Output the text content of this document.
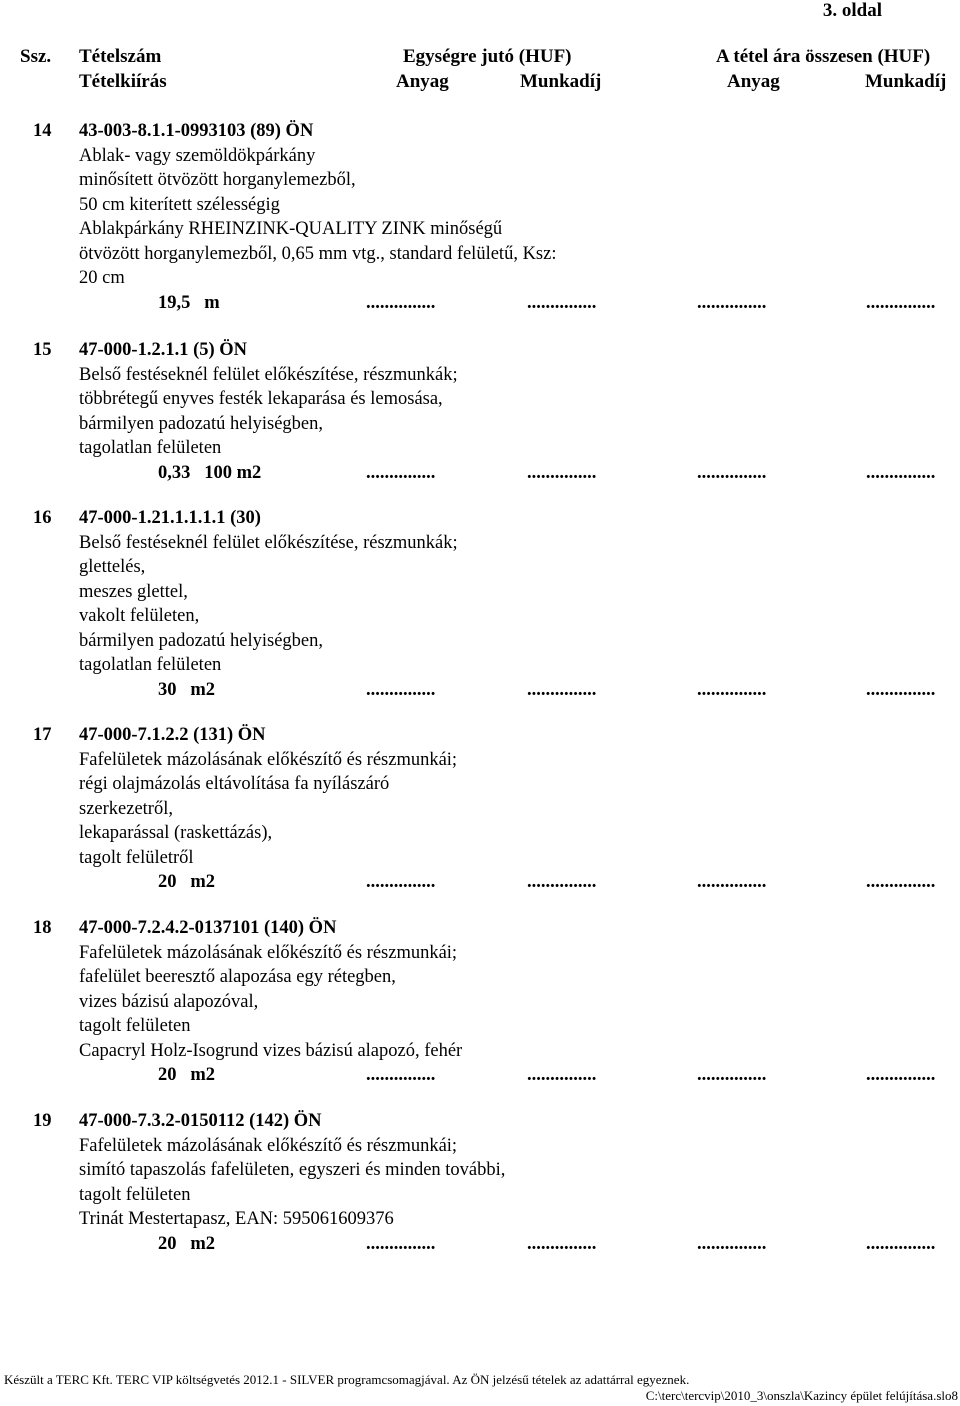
3. oldal
Ssz. Tételszám
Tételkiírás
Egységre jutó (HUF)	A tétel ára összesen (HUF)
Anyag	Munkadíj	Anyag	Munkadíj
14 43-003-8.1.1-0993103 (89) ÖN
Ablak- vagy szemöldökpárkány
minősített ötvözött horganylemezből,
50 cm kiterített szélességig
Ablakpárkány RHEINZINK-QUALITY ZINK minőségű
ötvözött horganylemezből, 0,65 mm vtg., standard felületű, Ksz:
20 cm
19,5   m	...............	...............	...............	...............
15 47-000-1.2.1.1 (5) ÖN
Belső festéseknél felület előkészítése, részmunkák;
többrétegű enyves festék lekaparása és lemosása,
bármilyen padozatú helyiségben,
tagolatlan felületen
0,33   100 m2	...............	...............	...............	...............
16 47-000-1.21.1.1.1.1 (30)
Belső festéseknél felület előkészítése, részmunkák;
glettelés,
meszes glettel,
vakolt felületen,
bármilyen padozatú helyiségben,
tagolatlan felületen
30   m2	...............	...............	...............	...............
17 47-000-7.1.2.2 (131) ÖN
Fafelületek mázolásának előkészítő és részmunkái;
régi olajmázolás eltávolítása fa nyílászáró
szerkezetről,
lekaparással (raskettázás),
tagolt felületről
20   m2	...............	...............	...............	...............
18 47-000-7.2.4.2-0137101 (140) ÖN
Fafelületek mázolásának előkészítő és részmunkái;
fafelület beeresztő alapozása egy rétegben,
vizes bázisú alapozóval,
tagolt felületen
Capacryl Holz-Isogrund vizes bázisú alapozó, fehér
20   m2	...............	...............	...............	...............
19 47-000-7.3.2-0150112 (142) ÖN
Fafelületek mázolásának előkészítő és részmunkái;
simító tapaszolás fafelületen, egyszeri és minden további,
tagolt felületen
Trinát Mestertapasz, EAN: 595061609376
20   m2	...............	...............	...............	...............
Készült a TERC Kft. TERC VIP költségvetés 2012.1 - SILVER programcsomagjával. Az ÖN jelzésű tételek az adattárral egyeznek.
C:\terc\tercvip\2010_3\onszla\Kazincy épület felújítása.slo8
